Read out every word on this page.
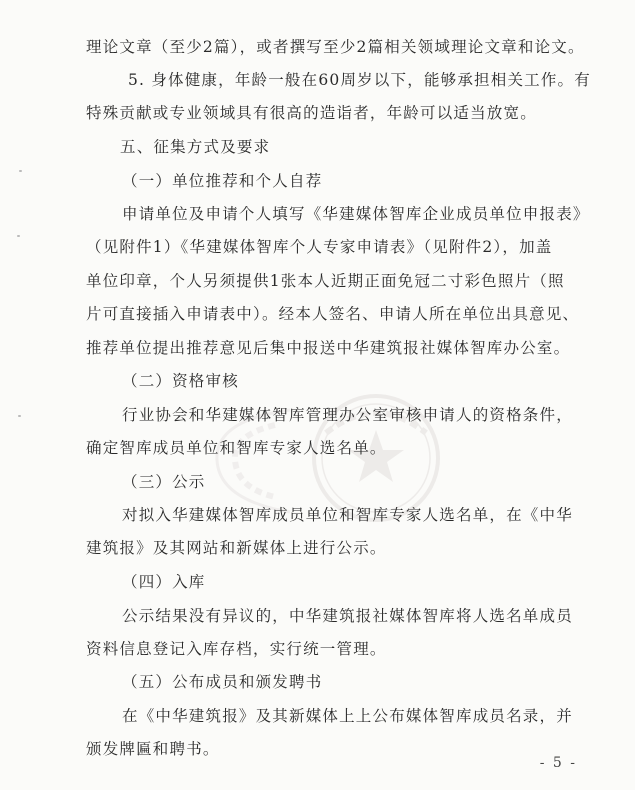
理论文章（至少2篇），或者撰写至少2篇相关领域理论文章和论文。
5. 身体健康，年龄一般在60周岁以下，能够承担相关工作。有
特殊贡献或专业领域具有很高的造诣者，年龄可以适当放宽。
五、征集方式及要求
（一）单位推荐和个人自荐
申请单位及申请个人填写《华建媒体智库企业成员单位申报表》
（见附件1）《华建媒体智库个人专家申请表》（见附件2），加盖
单位印章，个人另须提供1张本人近期正面免冠二寸彩色照片（照
片可直接插入申请表中）。经本人签名、申请人所在单位出具意见、
推荐单位提出推荐意见后集中报送中华建筑报社媒体智库办公室。
（二）资格审核
行业协会和华建媒体智库管理办公室审核申请人的资格条件，
确定智库成员单位和智库专家人选名单。
（三）公示
对拟入华建媒体智库成员单位和智库专家人选名单，在《中华
建筑报》及其网站和新媒体上进行公示。
（四）入库
公示结果没有异议的，中华建筑报社媒体智库将人选名单成员
资料信息登记入库存档，实行统一管理。
（五）公布成员和颁发聘书
在《中华建筑报》及其新媒体上上公布媒体智库成员名录，并
颁发牌匾和聘书。
- 5 -
